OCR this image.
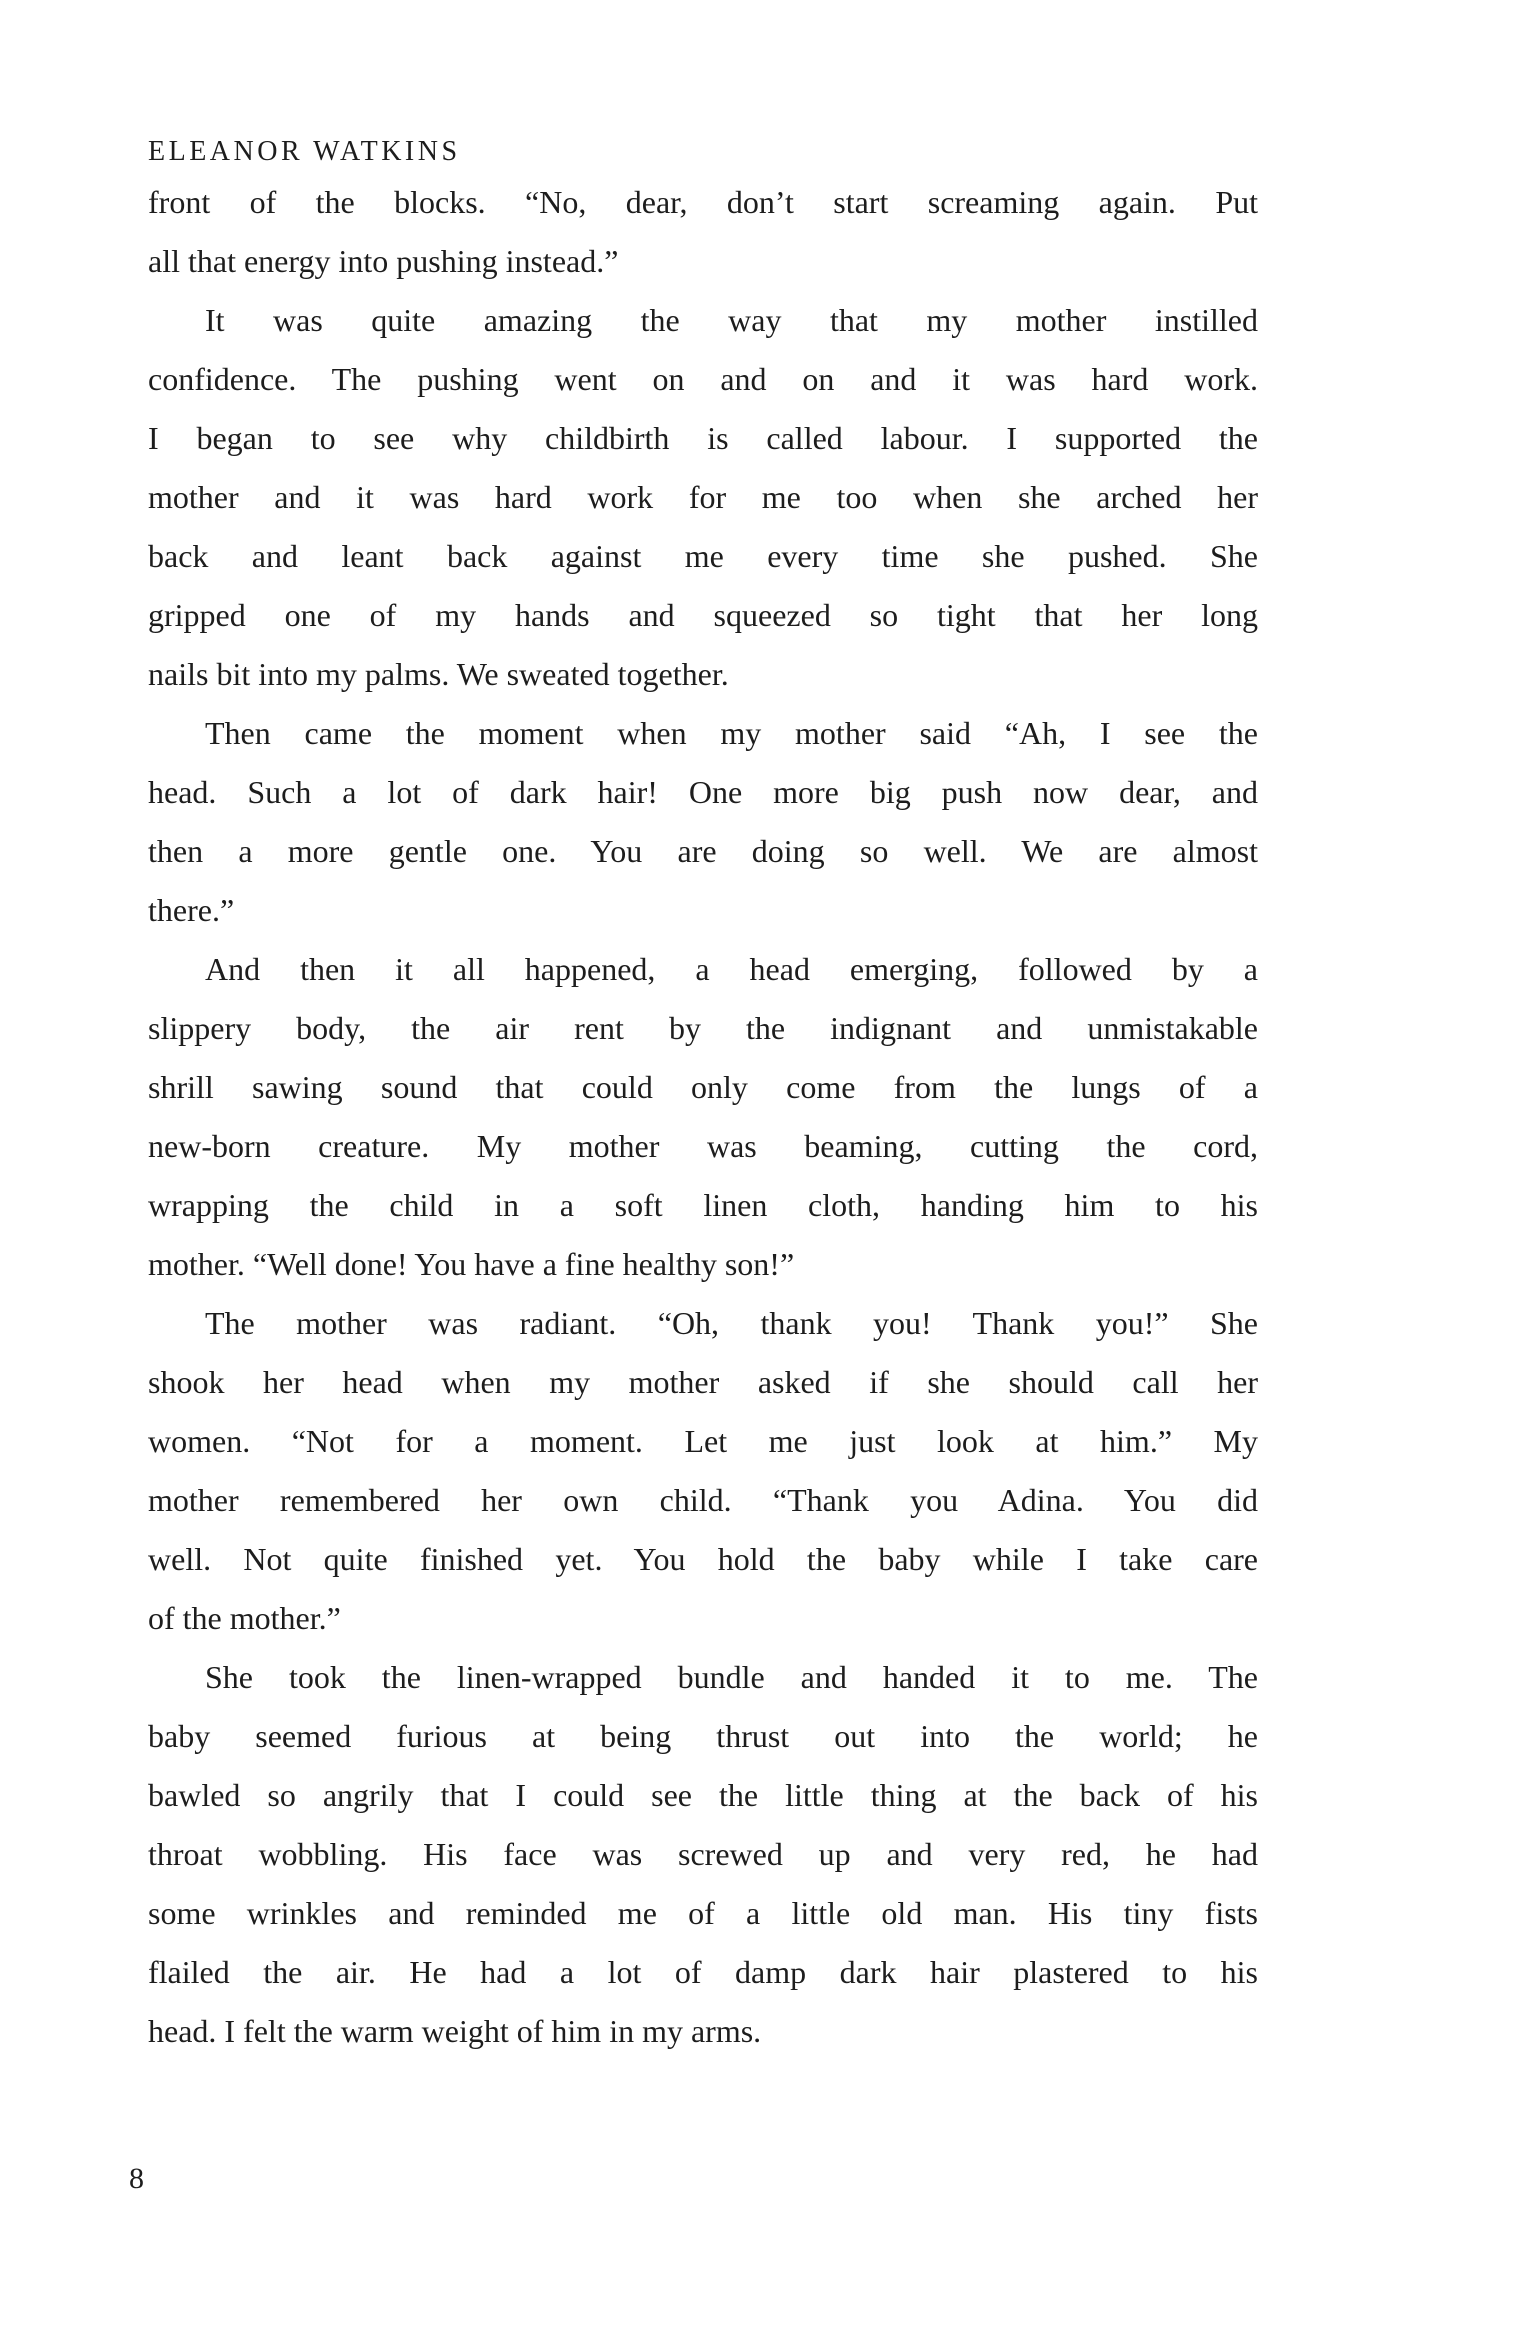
ELEANOR WATKINS
front of the blocks. “No, dear, don’t start screaming again. Put
all that energy into pushing instead.”
It was quite amazing the way that my mother instilled
confidence. The pushing went on and on and it was hard work.
I began to see why childbirth is called labour. I supported the
mother and it was hard work for me too when she arched her
back and leant back against me every time she pushed. She
gripped one of my hands and squeezed so tight that her long
nails bit into my palms. We sweated together.
Then came the moment when my mother said “Ah, I see the
head. Such a lot of dark hair! One more big push now dear, and
then a more gentle one. You are doing so well. We are almost
there.”
And then it all happened, a head emerging, followed by a
slippery body, the air rent by the indignant and unmistakable
shrill sawing sound that could only come from the lungs of a
new-born creature. My mother was beaming, cutting the cord,
wrapping the child in a soft linen cloth, handing him to his
mother. “Well done! You have a fine healthy son!”
The mother was radiant. “Oh, thank you! Thank you!” She
shook her head when my mother asked if she should call her
women. “Not for a moment. Let me just look at him.” My
mother remembered her own child. “Thank you Adina. You did
well. Not quite finished yet. You hold the baby while I take care
of the mother.”
She took the linen-wrapped bundle and handed it to me. The
baby seemed furious at being thrust out into the world; he
bawled so angrily that I could see the little thing at the back of his
throat wobbling. His face was screwed up and very red, he had
some wrinkles and reminded me of a little old man. His tiny fists
flailed the air. He had a lot of damp dark hair plastered to his
head. I felt the warm weight of him in my arms.
8
